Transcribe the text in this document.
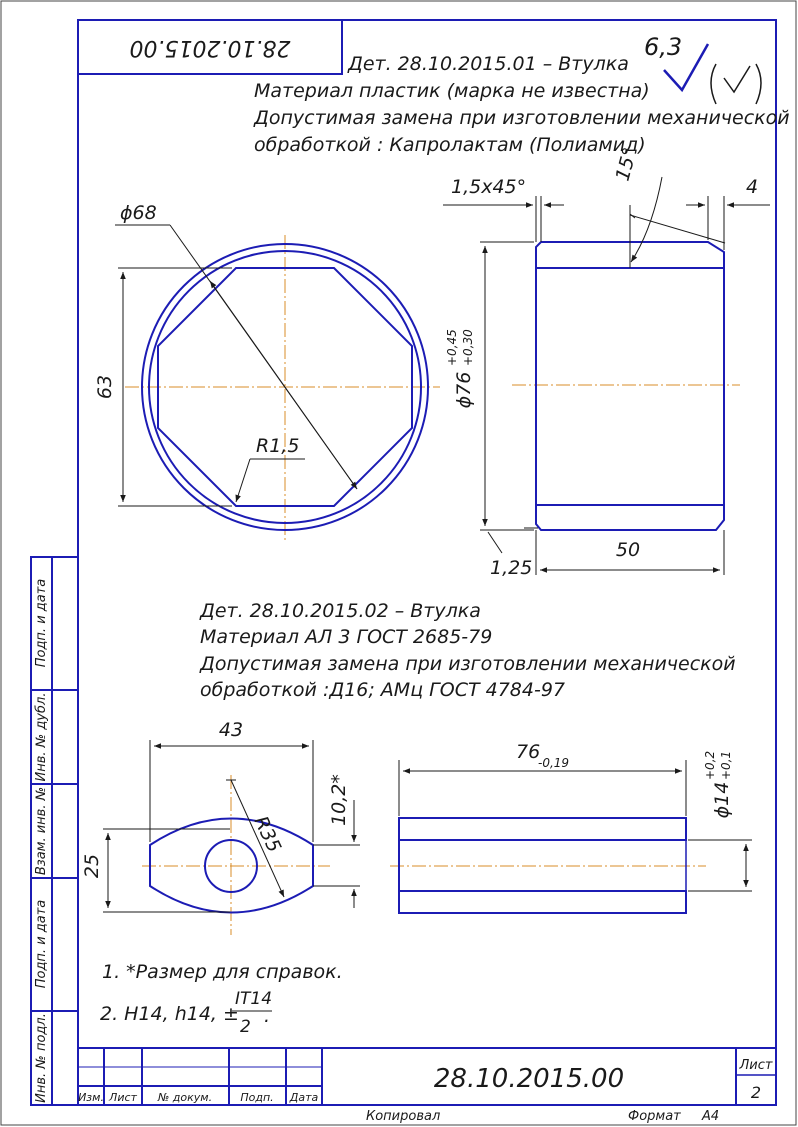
28.10.2015.00	6,3
Дет. 28.10.2015.01 – Втулка
Материал пластик (марка не известна)
Допустимая замена при изготовлении механической
обработкой : Капролактам (Полиамид)
ϕ68
63
R1,5
ϕ76
+0,45 +0,30
1,5x45°	4
15°
1,25
50
Дет. 28.10.2015.02 – Втулка
Материал АЛ 3 ГОСТ 2685-79
Допустимая замена при изготовлении механической
обработкой :Д16; АМц ГОСТ 4784-97
43
25
R35
10,2*
76
-0,19
ϕ14
+0,2 +0,1
1. *Размер для справок.
2. H14, h14, ±
IT14
2 .
Подп. и дата
Инв. № дубл.
Взам. инв. №
Подп. и дата
Инв. № подл.	Изм. Лист № докум.	Подп. Дата
28.10.2015.00	Лист
2
Копировал	Формат А4
